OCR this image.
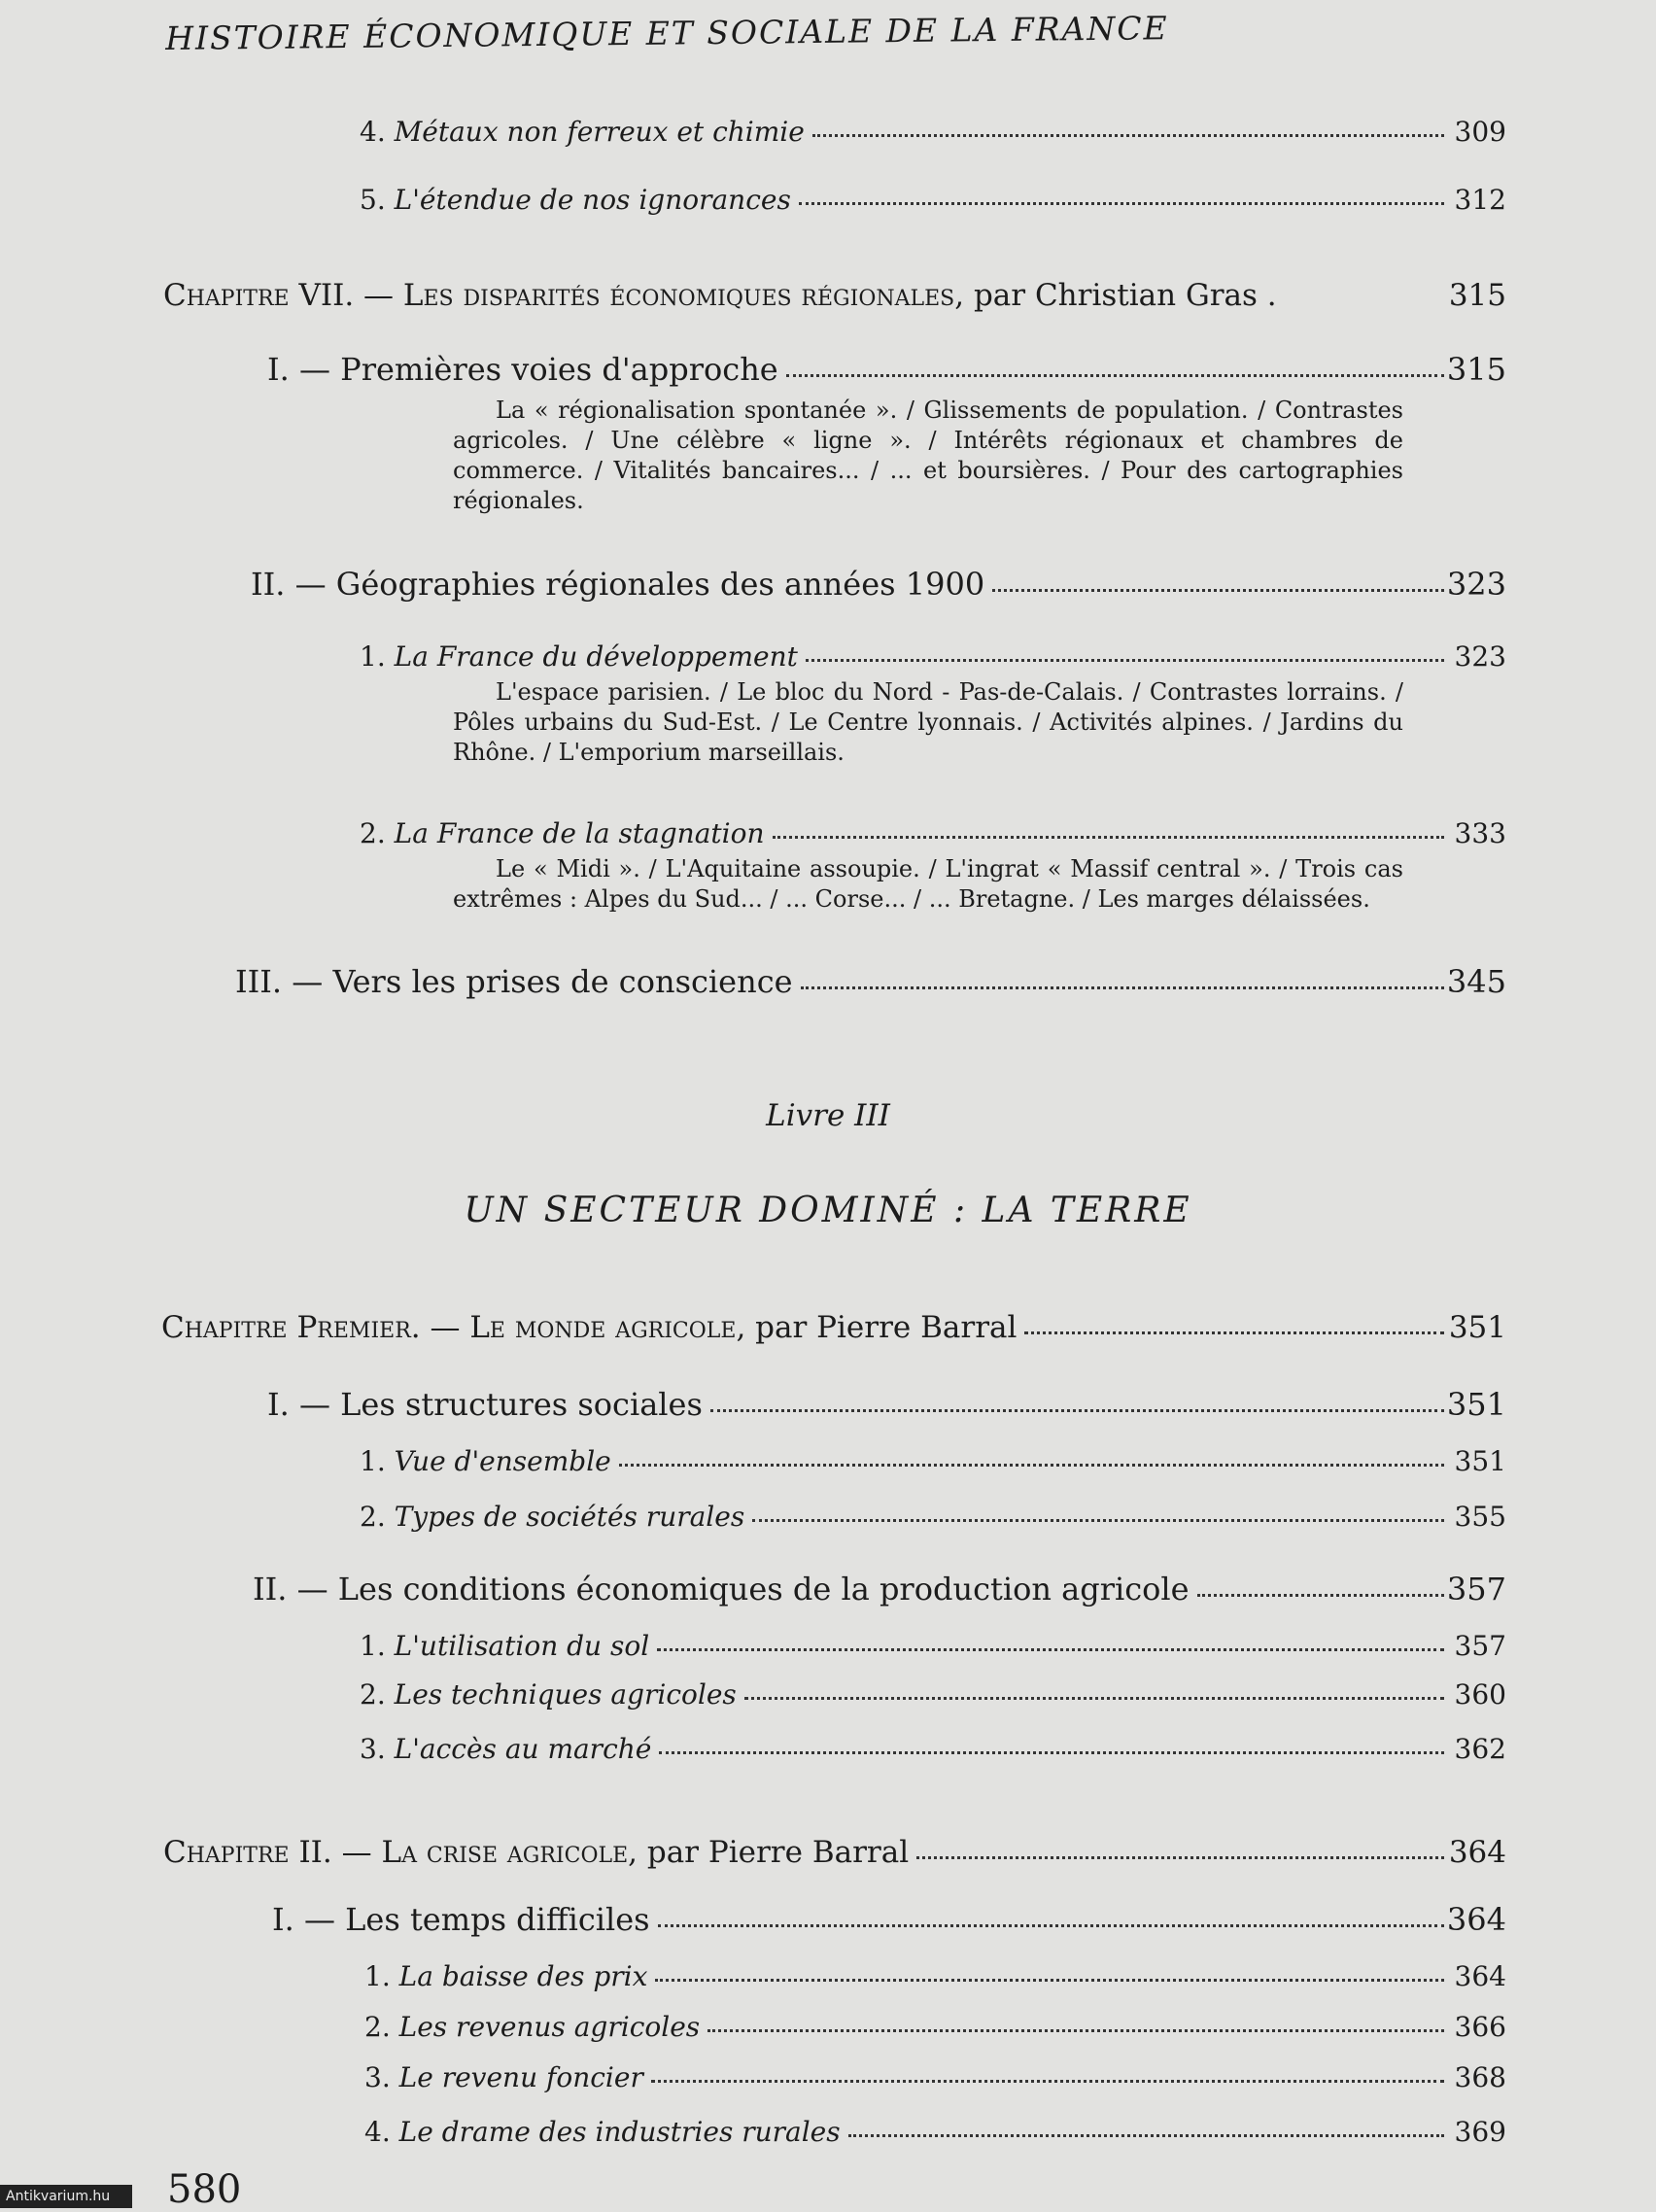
HISTOIRE ÉCONOMIQUE ET SOCIALE DE LA FRANCE
4. Métaux non ferreux et chimie	309
5. L'étendue de nos ignorances	312
Chapitre VII. — Les disparités économiques régionales, par Christian Gras .	315
I. — Premières voies d'approche	315
La « régionalisation spontanée ». / Glissements de population. / Contrastes agricoles. / Une célèbre « ligne ». / Intérêts régionaux et chambres de commerce. / Vitalités bancaires... / ... et boursières. / Pour des cartographies régionales.
II. — Géographies régionales des années 1900	323
1. La France du développement	323
L'espace parisien. / Le bloc du Nord - Pas-de-Calais. / Contrastes lorrains. / Pôles urbains du Sud-Est. / Le Centre lyonnais. / Activités alpines. / Jardins du Rhône. / L'emporium marseillais.
2. La France de la stagnation	333
Le « Midi ». / L'Aquitaine assoupie. / L'ingrat « Massif central ». / Trois cas extrêmes : Alpes du Sud... / ... Corse... / ... Bretagne. / Les marges délaissées.
III. — Vers les prises de conscience	345
Livre III
UN SECTEUR DOMINÉ : LA TERRE
Chapitre Premier. — Le monde agricole, par Pierre Barral	351
I. — Les structures sociales	351
1. Vue d'ensemble	351
2. Types de sociétés rurales	355
II. — Les conditions économiques de la production agricole	357
1. L'utilisation du sol	357
2. Les techniques agricoles	360
3. L'accès au marché	362
Chapitre II. — La crise agricole, par Pierre Barral	364
I. — Les temps difficiles	364
1. La baisse des prix	364
2. Les revenus agricoles	366
3. Le revenu foncier	368
4. Le drame des industries rurales	369
580
Antikvarium.hu
